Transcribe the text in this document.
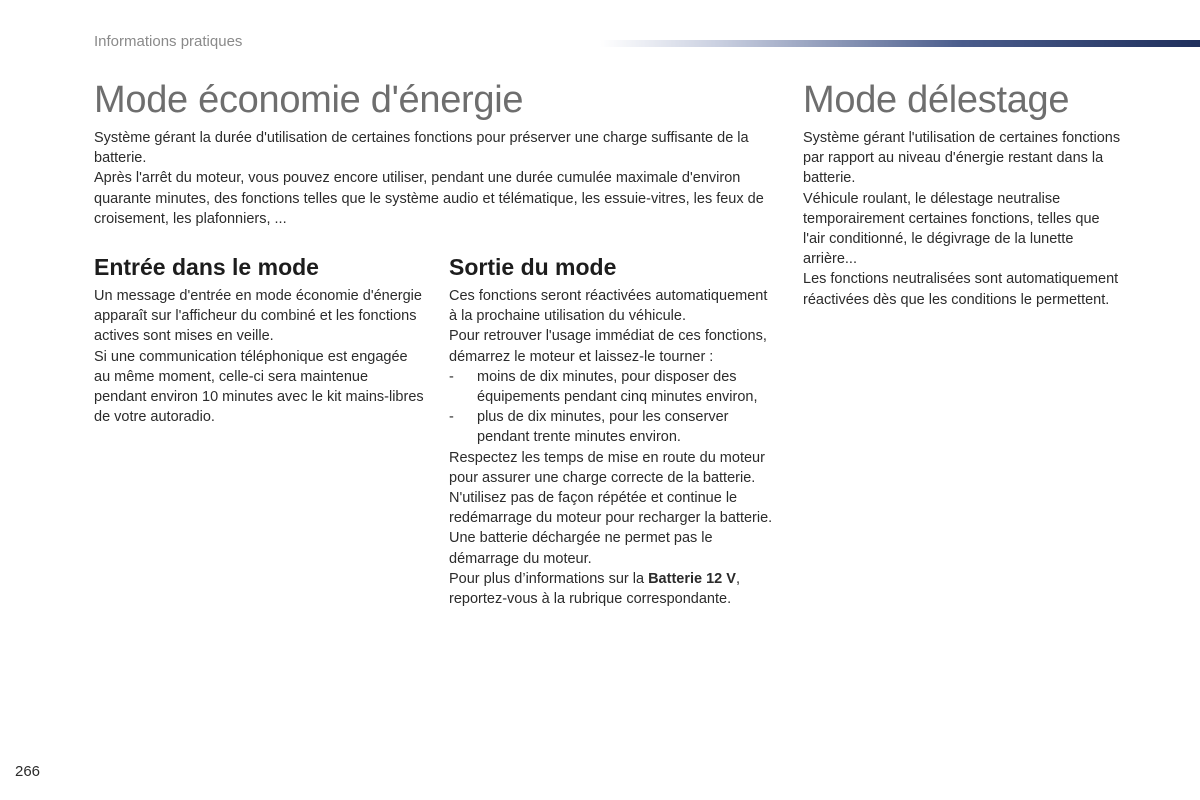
Informations pratiques
Mode économie d'énergie

Système gérant la durée d'utilisation de certaines fonctions pour préserver une charge suffisante de la batterie.

Après l'arrêt du moteur, vous pouvez encore utiliser, pendant une durée cumulée maximale d'environ quarante minutes, des fonctions telles que le système audio et télématique, les essuie-vitres, les feux de croisement, les plafonniers, ...

Entrée dans le mode

Un message d'entrée en mode économie d'énergie apparaît sur l'afficheur du combiné et les fonctions actives sont mises en veille.

Si une communication téléphonique est engagée au même moment, celle-ci sera maintenue pendant environ 10 minutes avec le kit mains-libres de votre autoradio.

Sortie du mode

Ces fonctions seront réactivées automatiquement à la prochaine utilisation du véhicule.

Pour retrouver l'usage immédiat de ces fonctions, démarrez le moteur et laissez-le tourner :

-	moins de dix minutes, pour disposer des équipements pendant cinq minutes environ,
-	plus de dix minutes, pour les conserver pendant trente minutes environ.

Respectez les temps de mise en route du moteur pour assurer une charge correcte de la batterie.

N'utilisez pas de façon répétée et continue le redémarrage du moteur pour recharger la batterie.

Une batterie déchargée ne permet pas le démarrage du moteur.

Pour plus d’informations sur la Batterie 12 V, reportez-vous à la rubrique correspondante.

Mode délestage

Système gérant l'utilisation de certaines fonctions par rapport au niveau d'énergie restant dans la batterie.

Véhicule roulant, le délestage neutralise temporairement certaines fonctions, telles que l'air conditionné, le dégivrage de la lunette arrière...

Les fonctions neutralisées sont automatiquement réactivées dès que les conditions le permettent.

266
